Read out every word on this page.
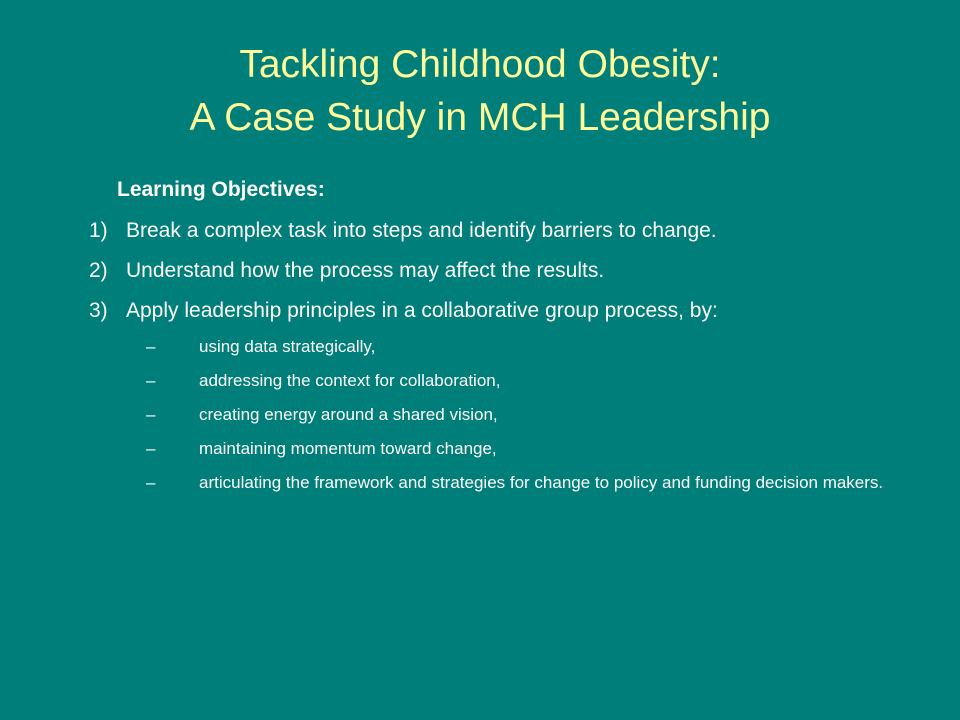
Tackling Childhood Obesity:
A Case Study in MCH Leadership
Learning Objectives:
1) Break a complex task into steps and identify barriers to change.
2) Understand how the process may affect the results.
3) Apply leadership principles in a collaborative group process, by:
–	using data strategically,
–	addressing the context for collaboration,
–	creating energy around a shared vision,
–	maintaining momentum toward change,
–	articulating the framework and strategies for change to policy and funding decision makers.
